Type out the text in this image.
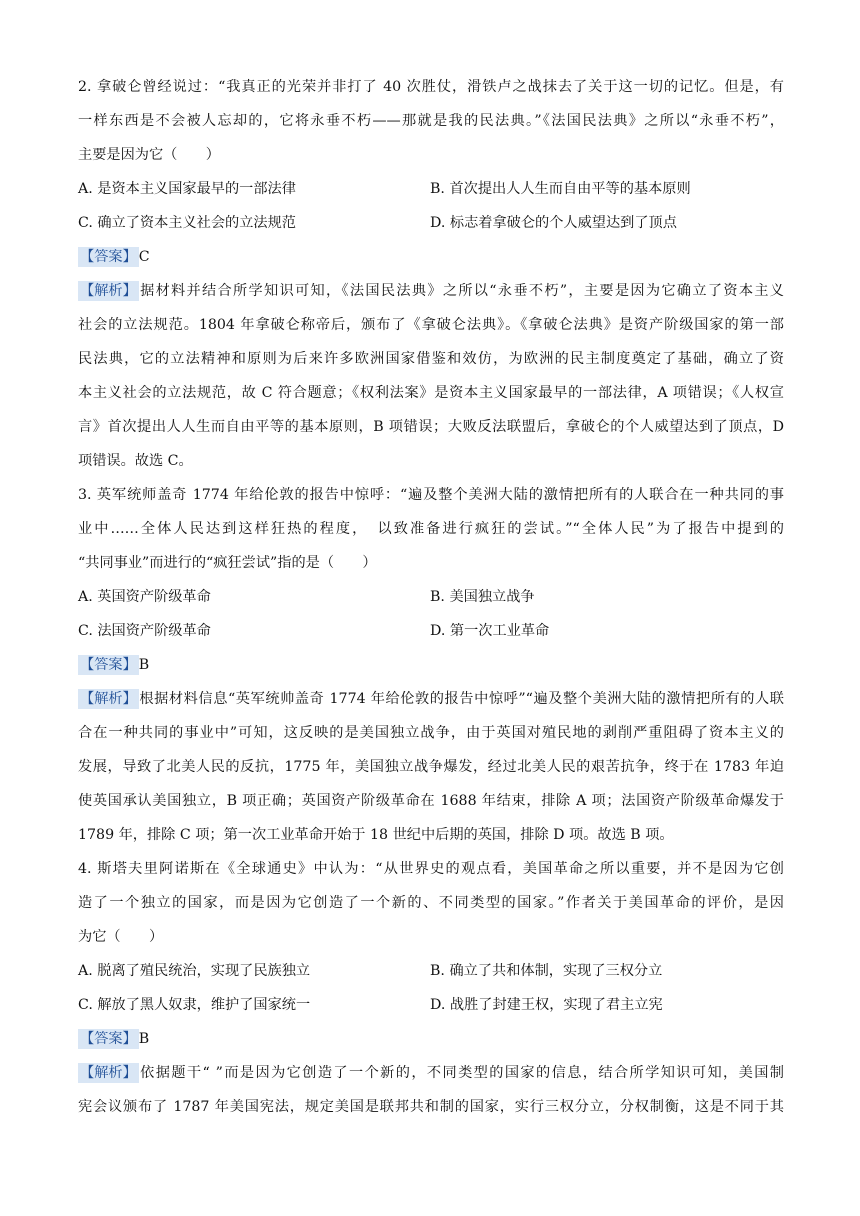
2. 拿破仑曾经说过：“我真正的光荣并非打了 40 次胜仗，滑铁卢之战抹去了关于这一切的记忆。但是，有
一样东西是不会被人忘却的，它将永垂不朽——那就是我的民法典。”《法国民法典》之所以“永垂不朽”，
主要是因为它（　　）
A. 是资本主义国家最早的一部法律	B. 首次提出人人生而自由平等的基本原则
C. 确立了资本主义社会的立法规范	D. 标志着拿破仑的个人威望达到了顶点
【答案】 C
【解析】 据材料并结合所学知识可知，《法国民法典》之所以“永垂不朽”，主要是因为它确立了资本主义
社会的立法规范。1804 年拿破仑称帝后，颁布了《拿破仑法典》。《拿破仑法典》是资产阶级国家的第一部
民法典，它的立法精神和原则为后来许多欧洲国家借鉴和效仿，为欧洲的民主制度奠定了基础，确立了资
本主义社会的立法规范，故 C 符合题意；《权利法案》是资本主义国家最早的一部法律，A 项错误；《人权宣
言》首次提出人人生而自由平等的基本原则，B 项错误；大败反法联盟后，拿破仑的个人威望达到了顶点，D
项错误。故选 C。
3. 英军统师盖奇 1774 年给伦敦的报告中惊呼：“遍及整个美洲大陆的激情把所有的人联合在一种共同的事
业中……全体人民达到这样狂热的程度，　以致准备进行疯狂的尝试。”“全体人民”为了报告中提到的
“共同事业”而进行的“疯狂尝试”指的是（　　）
A. 英国资产阶级革命	B. 美国独立战争
C. 法国资产阶级革命	D. 第一次工业革命
【答案】 B
【解析】 根据材料信息“英军统帅盖奇 1774 年给伦敦的报告中惊呼”“遍及整个美洲大陆的激情把所有的人联
合在一种共同的事业中”可知，这反映的是美国独立战争，由于英国对殖民地的剥削严重阻碍了资本主义的
发展，导致了北美人民的反抗，1775 年，美国独立战争爆发，经过北美人民的艰苦抗争，终于在 1783 年迫
使英国承认美国独立，B 项正确；英国资产阶级革命在 1688 年结束，排除 A 项；法国资产阶级革命爆发于
1789 年，排除 C 项；第一次工业革命开始于 18 世纪中后期的英国，排除 D 项。故选 B 项。
4. 斯塔夫里阿诺斯在《全球通史》中认为：“从世界史的观点看，美国革命之所以重要，并不是因为它创
造了一个独立的国家，而是因为它创造了一个新的、不同类型的国家。”作者关于美国革命的评价，是因
为它（　　）
A. 脱离了殖民统治，实现了民族独立	B. 确立了共和体制，实现了三权分立
C. 解放了黑人奴隶，维护了国家统一	D. 战胜了封建王权，实现了君主立宪
【答案】 B
【解析】 依据题干“ ”而是因为它创造了一个新的，不同类型的国家的信息，结合所学知识可知，美国制
宪会议颁布了 1787 年美国宪法，规定美国是联邦共和制的国家，实行三权分立，分权制衡，这是不同于其
